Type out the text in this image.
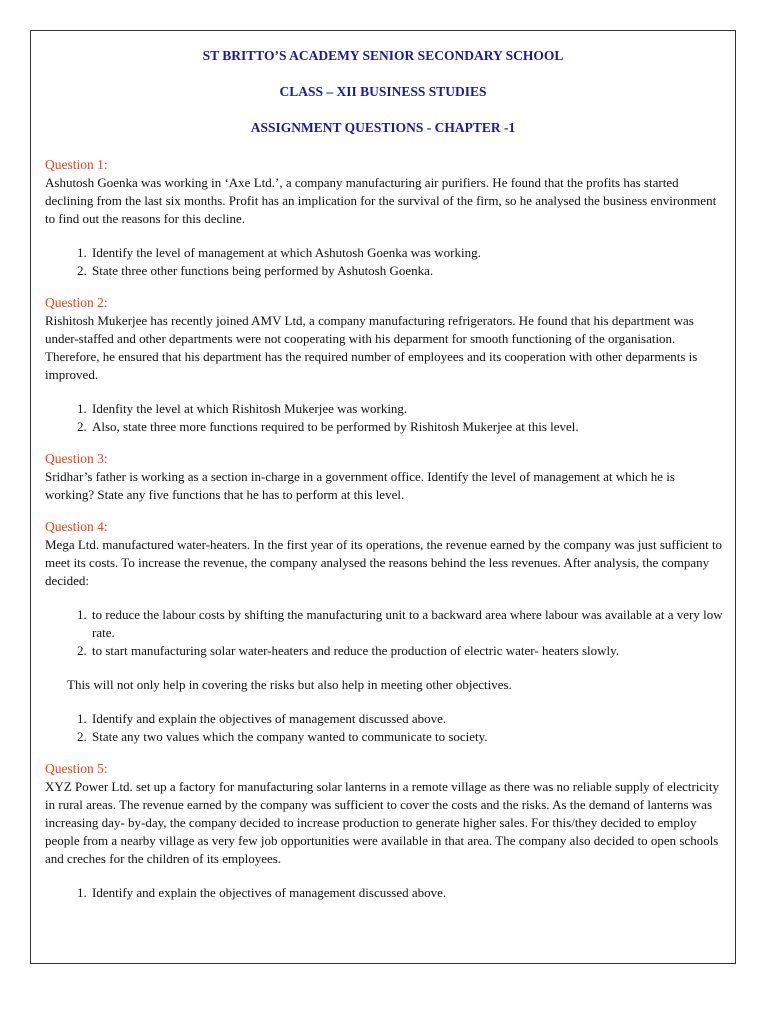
ST BRITTO’S ACADEMY SENIOR SECONDARY SCHOOL
CLASS – XII BUSINESS STUDIES
ASSIGNMENT QUESTIONS - CHAPTER -1

Question 1:

Ashutosh Goenka was working in ‘Axe Ltd.’, a company manufacturing air purifiers. He found that the profits has started declining from the last six months. Profit has an implication for the survival of the firm, so he analysed the business environment to find out the reasons for this decline.

1. Identify the level of management at which Ashutosh Goenka was working.
2. State three other functions being performed by Ashutosh Goenka.

Question 2:

Rishitosh Mukerjee has recently joined AMV Ltd, a company manufacturing refrigerators. He found that his department was under-staffed and other departments were not cooperating with his deparment for smooth functioning of the organisation. Therefore, he ensured that his department has the required number of employees and its cooperation with other deparments is improved.

1. Idenfity the level at which Rishitosh Mukerjee was working.
2. Also, state three more functions required to be performed by Rishitosh Mukerjee at this level.

Question 3:

Sridhar’s father is working as a section in-charge in a government office. Identify the level of management at which he is working? State any five functions that he has to perform at this level.

Question 4:

Mega Ltd. manufactured water-heaters. In the first year of its operations, the revenue earned by the company was just sufficient to meet its costs. To increase the revenue, the company analysed the reasons behind the less revenues. After analysis, the company decided:

1. to reduce the labour costs by shifting the manufacturing unit to a backward area where labour was available at a very low rate.
2. to start manufacturing solar water-heaters and reduce the production of electric water- heaters slowly.

This will not only help in covering the risks but also help in meeting other objectives.

1. Identify and explain the objectives of management discussed above.
2. State any two values which the company wanted to communicate to society.

Question 5:

XYZ Power Ltd. set up a factory for manufacturing solar lanterns in a remote village as there was no reliable supply of electricity in rural areas. The revenue earned by the company was sufficient to cover the costs and the risks. As the demand of lanterns was increasing day- by-day, the company decided to increase production to generate higher sales. For this/they decided to employ people from a nearby village as very few job opportunities were available in that area. The company also decided to open schools and creches for the children of its employees.

1. Identify and explain the objectives of management discussed above.
